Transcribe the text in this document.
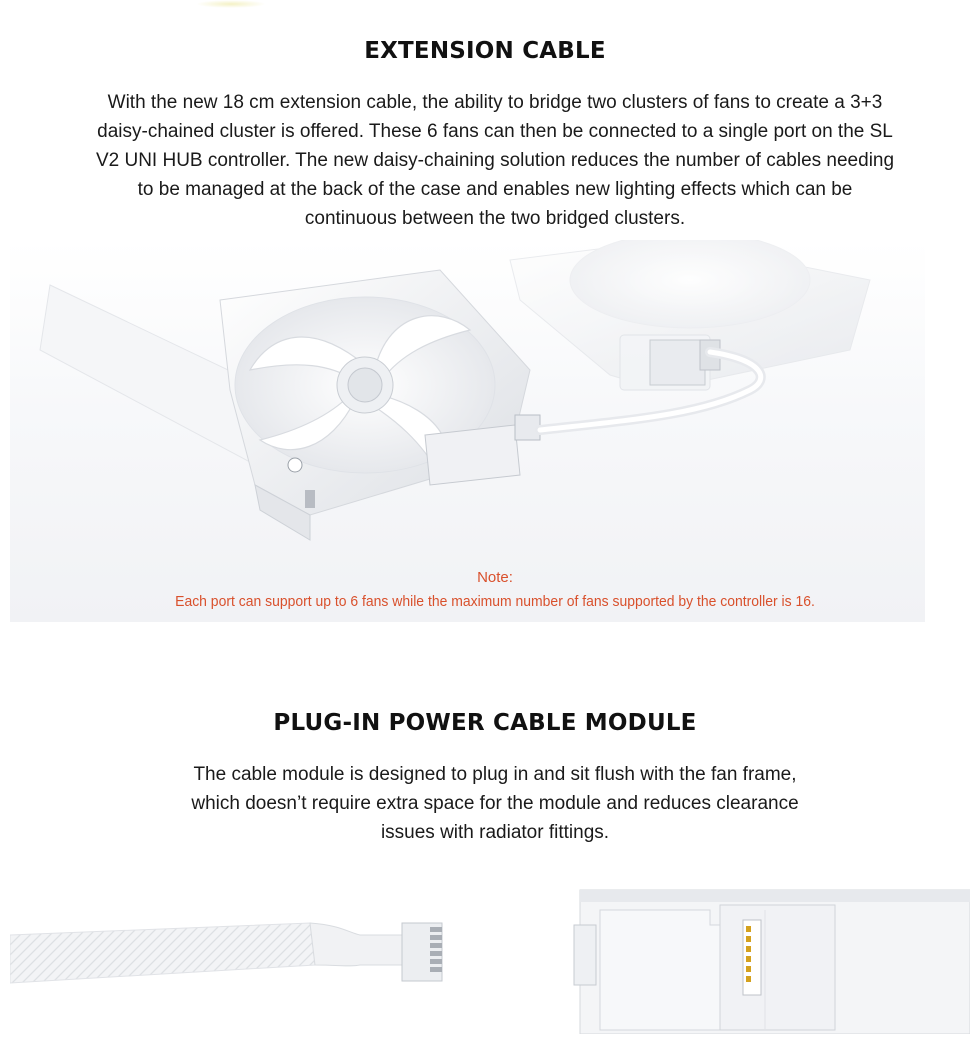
EXTENSION CABLE

With the new 18 cm extension cable, the ability to bridge two clusters of fans to create a 3+3 daisy-chained cluster is offered. These 6 fans can then be connected to a single port on the SL V2 UNI HUB controller. The new daisy-chaining solution reduces the number of cables needing to be managed at the back of the case and enables new lighting effects which can be continuous between the two bridged clusters.

Note:

Each port can support up to 6 fans while the maximum number of fans supported by the controller is 16.

PLUG-IN POWER CABLE MODULE

The cable module is designed to plug in and sit flush with the fan frame, which doesn’t require extra space for the module and reduces clearance issues with radiator fittings.
